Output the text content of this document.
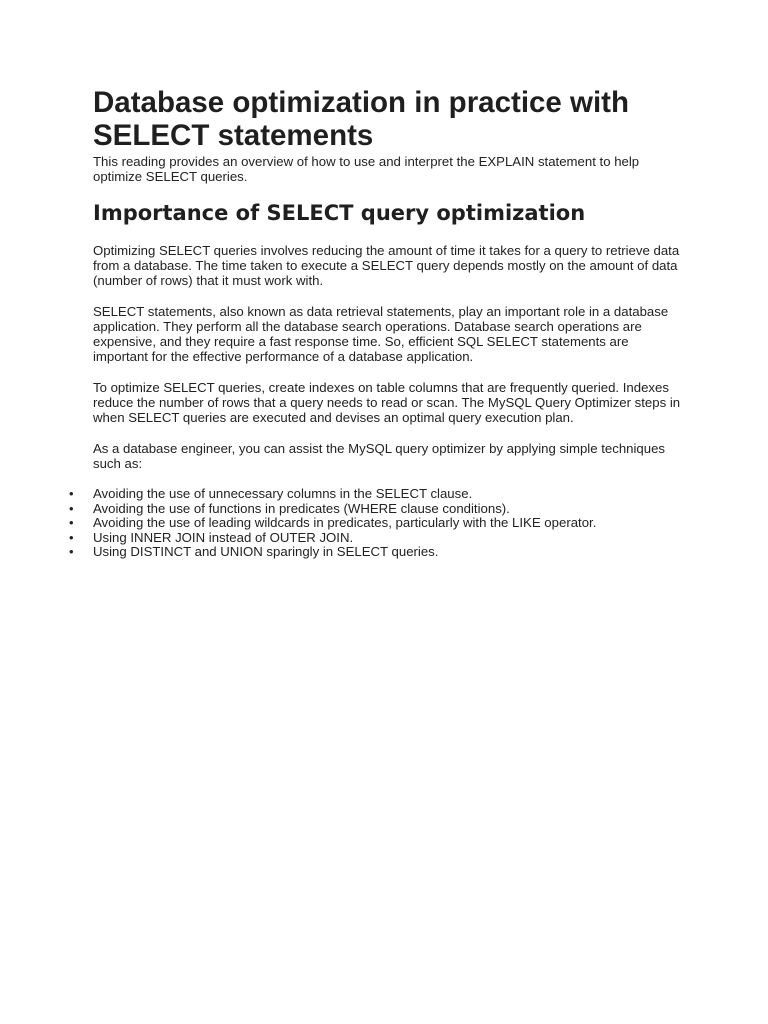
Database optimization in practice with SELECT statements

This reading provides an overview of how to use and interpret the EXPLAIN statement to help optimize SELECT queries.

Importance of SELECT query optimization

Optimizing SELECT queries involves reducing the amount of time it takes for a query to retrieve data from a database. The time taken to execute a SELECT query depends mostly on the amount of data (number of rows) that it must work with.

SELECT statements, also known as data retrieval statements, play an important role in a database application. They perform all the database search operations. Database search operations are expensive, and they require a fast response time. So, efficient SQL SELECT statements are important for the effective performance of a database application.

To optimize SELECT queries, create indexes on table columns that are frequently queried. Indexes reduce the number of rows that a query needs to read or scan. The MySQL Query Optimizer steps in when SELECT queries are executed and devises an optimal query execution plan.

As a database engineer, you can assist the MySQL query optimizer by applying simple techniques such as:

• Avoiding the use of unnecessary columns in the SELECT clause.
• Avoiding the use of functions in predicates (WHERE clause conditions).
• Avoiding the use of leading wildcards in predicates, particularly with the LIKE operator.
• Using INNER JOIN instead of OUTER JOIN.
• Using DISTINCT and UNION sparingly in SELECT queries.
